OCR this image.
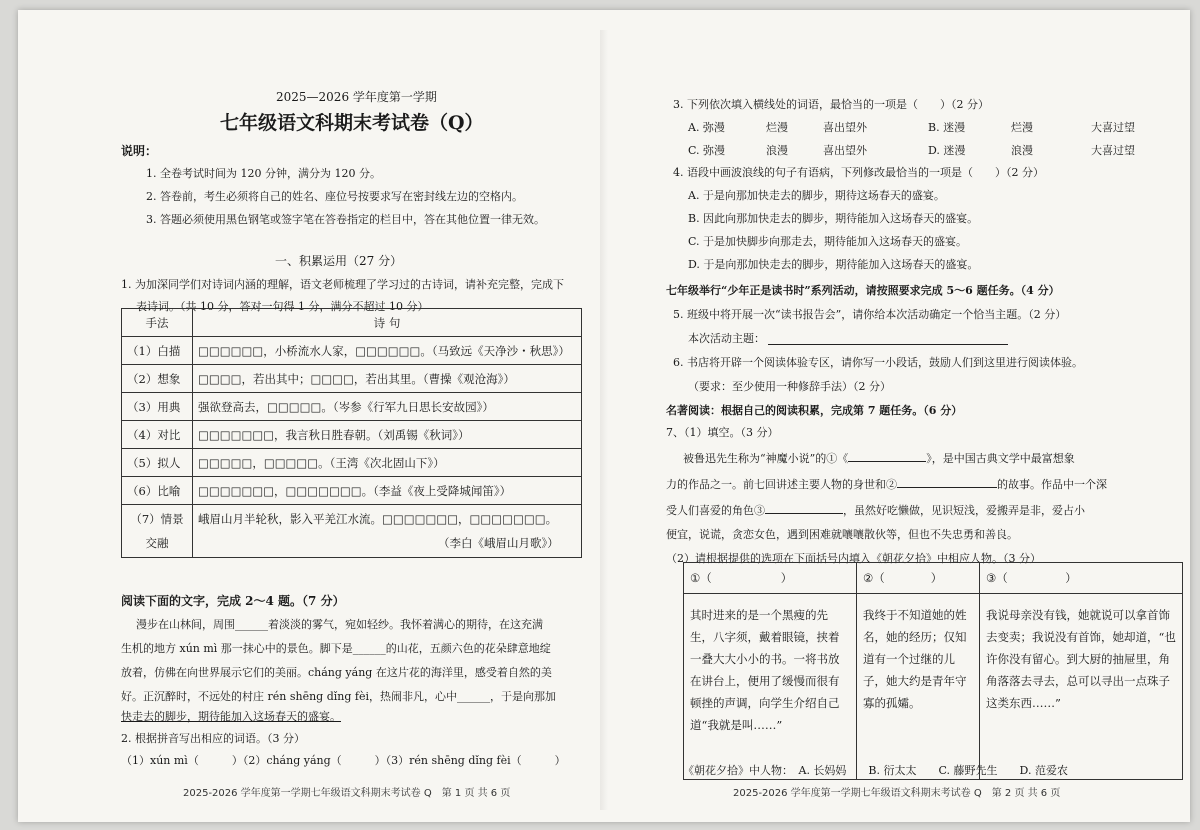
2025—2026 学年度第一学期
七年级语文科期末考试卷（Q）
说明：
1. 全卷考试时间为 120 分钟，满分为 120 分。
2. 答卷前，考生必须将自己的姓名、座位号按要求写在密封线左边的空格内。
3. 答题必须使用黑色钢笔或签字笔在答卷指定的栏目中，答在其他位置一律无效。
一、积累运用（27 分）
1. 为加深同学们对诗词内涵的理解，语文老师梳理了学习过的古诗词，请补充完整，完成下
表诗词。（共 10 分，答对一句得 1 分，满分不超过 10 分）
手法	诗 句
（1）白描	□□□□□□，小桥流水人家，□□□□□□。（马致远《天净沙・秋思》）
（2）想象	□□□□，若出其中；□□□□，若出其里。（曹操《观沧海》）
（3）用典	强欲登高去，□□□□□。（岑参《行军九日思长安故园》）
（4）对比	□□□□□□□，我言秋日胜春朝。（刘禹锡《秋词》）
（5）拟人	□□□□□，□□□□□。（王湾《次北固山下》）
（6）比喻	□□□□□□□，□□□□□□□。（李益《夜上受降城闻笛》）
（7）情景
交融	峨眉山月半轮秋，影入平羌江水流。□□□□□□□，□□□□□□□。
（李白《峨眉山月歌》）
阅读下面的文字，完成 2～4 题。（7 分）
漫步在山林间，周围______着淡淡的雾气，宛如轻纱。我怀着满心的期待，在这充满
生机的地方 xún mì 那一抹心中的景色。脚下是______的山花，五颜六色的花朵肆意地绽
放着，仿佛在向世界展示它们的美丽。cháng yáng 在这片花的海洋里，感受着自然的美
好。正沉醉时，不远处的村庄 rén shēng dǐng fèi，热闹非凡，心中______，于是向那加
快走去的脚步，期待能加入这场春天的盛宴。
2. 根据拼音写出相应的词语。（3 分）
（1）xún mì（　　　）（2）cháng yáng（　　　）（3）rén shēng dǐng fèi（　　　）
2025-2026 学年度第一学期七年级语文科期末考试卷 Q　第 1 页 共 6 页
3. 下列依次填入横线处的词语，最恰当的一项是（　　）（2 分）
A. 弥漫	烂漫	喜出望外	B. 迷漫	烂漫	大喜过望
C. 弥漫	浪漫	喜出望外	D. 迷漫	浪漫	大喜过望
4. 语段中画波浪线的句子有语病，下列修改最恰当的一项是（　　）（2 分）
A. 于是向那加快走去的脚步，期待这场春天的盛宴。
B. 因此向那加快走去的脚步，期待能加入这场春天的盛宴。
C. 于是加快脚步向那走去，期待能加入这场春天的盛宴。
D. 于是向那加快走去的脚步，期待能加入这场春天的盛宴。
七年级举行“少年正是读书时”系列活动，请按照要求完成 5～6 题任务。（4 分）
5. 班级中将开展一次“读书报告会”，请你给本次活动确定一个恰当主题。（2 分）
本次活动主题：
6. 书店将开辟一个阅读体验专区，请你写一小段话，鼓励人们到这里进行阅读体验。
（要求：至少使用一种修辞手法）（2 分）
名著阅读：根据自己的阅读积累，完成第 7 题任务。（6 分）
7、（1）填空。（3 分）
被鲁迅先生称为“神魔小说”的①《	》，是中国古典文学中最富想象
力的作品之一。前七回讲述主要人物的身世和②	的故事。作品中一个深
受人们喜爱的角色③	，虽然好吃懒做，见识短浅，爱搬弄是非，爱占小
便宜，说谎，贪恋女色，遇到困难就嚷嚷散伙等，但也不失忠勇和善良。
（2）请根据提供的选项在下面括号内填入《朝花夕拾》中相应人物。（3 分）
①（　　　　　　）	②（　　　　）	③（　　　　　）
其时进来的是一个黑瘦的先生，八字须，戴着眼镜，挟着一叠大大小小的书。一将书放在讲台上，便用了缓慢而很有顿挫的声调，向学生介绍自己道“我就是叫……”	我终于不知道她的姓名，她的经历；仅知道有一个过继的儿子，她大约是青年守寡的孤孀。	我说母亲没有钱，她就说可以拿首饰去变卖；我说没有首饰，她却道，“也许你没有留心。到大厨的抽屉里，角角落落去寻去，总可以寻出一点珠子这类东西……”
《朝花夕拾》中人物：　A. 长妈妈　　B. 衍太太　　C. 藤野先生　　D. 范爱农
2025-2026 学年度第一学期七年级语文科期末考试卷 Q　第 2 页 共 6 页
